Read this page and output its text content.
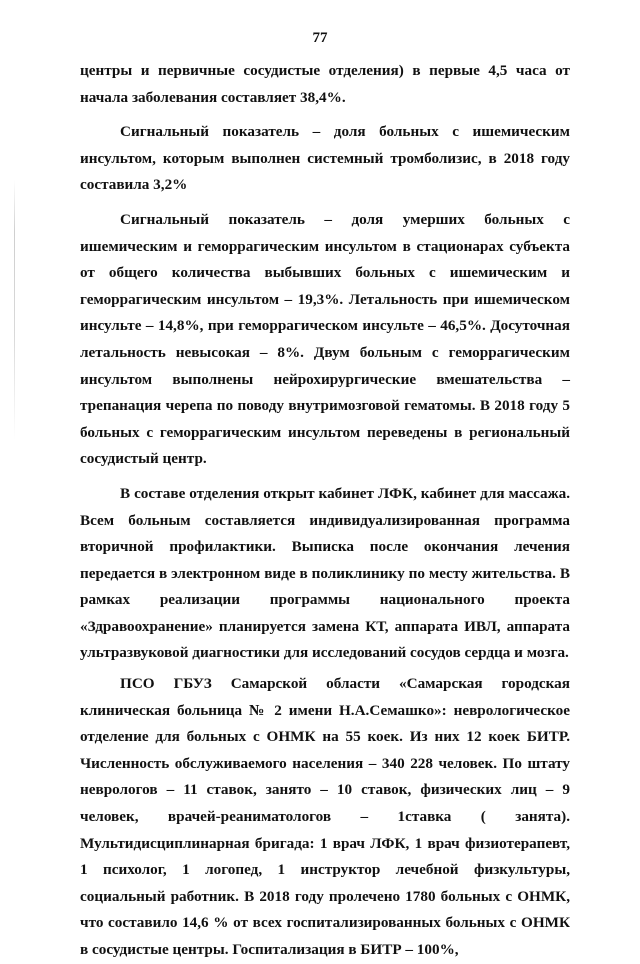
77

центры и первичные сосудистые отделения) в первые 4,5 часа от начала заболевания составляет 38,4%.

Сигнальный показатель – доля больных с ишемическим инсультом, которым выполнен системный тромболизис, в 2018 году составила 3,2%

Сигнальный показатель – доля умерших больных с ишемическим и геморрагическим инсультом в стационарах субъекта от общего количества выбывших больных с ишемическим и геморрагическим инсультом – 19,3%. Летальность при ишемическом инсульте – 14,8%, при геморрагическом инсульте – 46,5%. Досуточная летальность невысокая – 8%. Двум больным с геморрагическим инсультом выполнены нейрохирургические вмешательства – трепанация черепа по поводу внутримозговой гематомы. В 2018 году 5 больных с геморрагическим инсультом переведены в региональный сосудистый центр.

В составе отделения открыт кабинет ЛФК, кабинет для массажа. Всем больным составляется индивидуализированная программа вторичной профилактики. Выписка после окончания лечения передается в электронном виде в поликлинику по месту жительства. В рамках реализации программы национального проекта «Здравоохранение» планируется замена КТ, аппарата ИВЛ, аппарата ультразвуковой диагностики для исследований сосудов сердца и мозга.

ПСО ГБУЗ Самарской области «Самарская городская клиническая больница № 2 имени Н.А.Семашко»: неврологическое отделение для больных с ОНМК на 55 коек. Из них 12 коек БИТР. Численность обслуживаемого населения – 340 228 человек. По штату неврологов – 11 ставок, занято – 10 ставок, физических лиц – 9 человек, врачей-реаниматологов – 1ставка ( занята). Мультидисциплинарная бригада: 1 врач ЛФК, 1 врач физиотерапевт, 1 психолог, 1 логопед, 1 инструктор лечебной физкультуры, социальный работник. В 2018 году пролечено 1780 больных с ОНМК, что составило 14,6 % от всех госпитализированных больных с ОНМК в сосудистые центры. Госпитализация в БИТР – 100%,
